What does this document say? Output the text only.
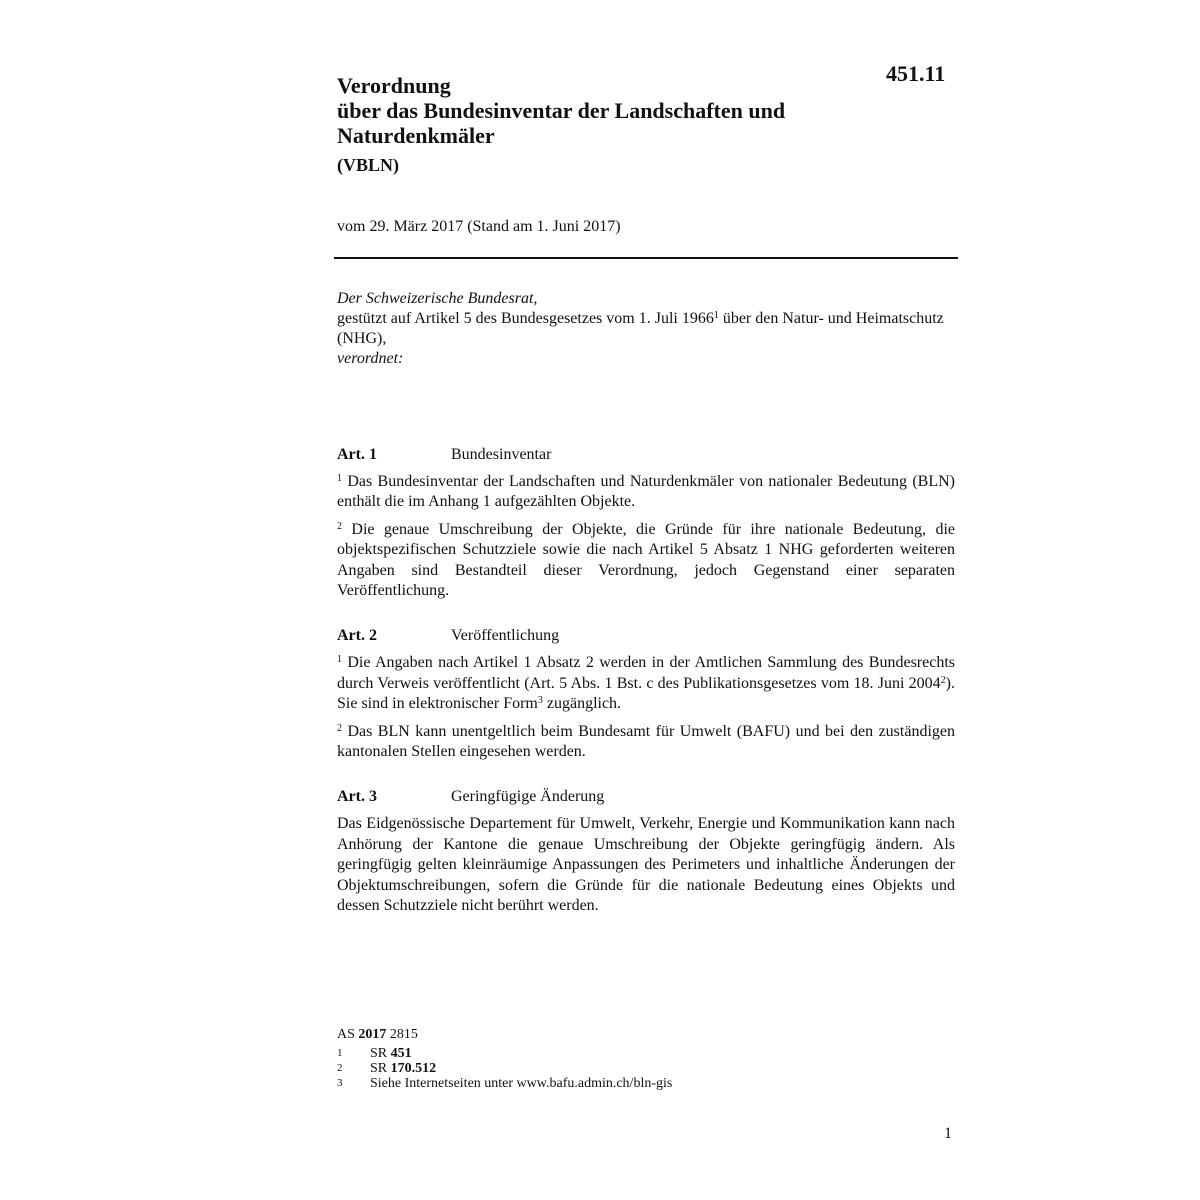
451.11
Verordnung
über das Bundesinventar der Landschaften und
Naturdenkmäler
(VBLN)
vom 29. März 2017 (Stand am 1. Juni 2017)
Der Schweizerische Bundesrat,

gestützt auf Artikel 5 des Bundesgesetzes vom 1. Juli 1966$^1$ über den Natur- und Heimatschutz (NHG),

verordnet:
Art. 1	Bundesinventar

$^1$ Das Bundesinventar der Landschaften und Naturdenkmäler von nationaler Bedeutung (BLN) enthält die im Anhang 1 aufgezählten Objekte.

$^2$ Die genaue Umschreibung der Objekte, die Gründe für ihre nationale Bedeutung, die objektspezifischen Schutzziele sowie die nach Artikel 5 Absatz 1 NHG geforderten weiteren Angaben sind Bestandteil dieser Verordnung, jedoch Gegenstand einer separaten Veröffentlichung.

Art. 2	Veröffentlichung

$^1$ Die Angaben nach Artikel 1 Absatz 2 werden in der Amtlichen Sammlung des Bundesrechts durch Verweis veröffentlicht (Art. 5 Abs. 1 Bst. c des Publikationsgesetzes vom 18. Juni 2004$^2$). Sie sind in elektronischer Form$^3$ zugänglich.

$^2$ Das BLN kann unentgeltlich beim Bundesamt für Umwelt (BAFU) und bei den zuständigen kantonalen Stellen eingesehen werden.

Art. 3	Geringfügige Änderung

Das Eidgenössische Departement für Umwelt, Verkehr, Energie und Kommunikation kann nach Anhörung der Kantone die genaue Umschreibung der Objekte geringfügig ändern. Als geringfügig gelten kleinräumige Anpassungen des Perimeters und inhaltliche Änderungen der Objektumschreibungen, sofern die Gründe für die nationale Bedeutung eines Objekts und dessen Schutzziele nicht berührt werden.

AS 2017 2815
1	SR 451
2	SR 170.512
3	Siehe Internetseiten unter www.bafu.admin.ch/bln-gis
1
